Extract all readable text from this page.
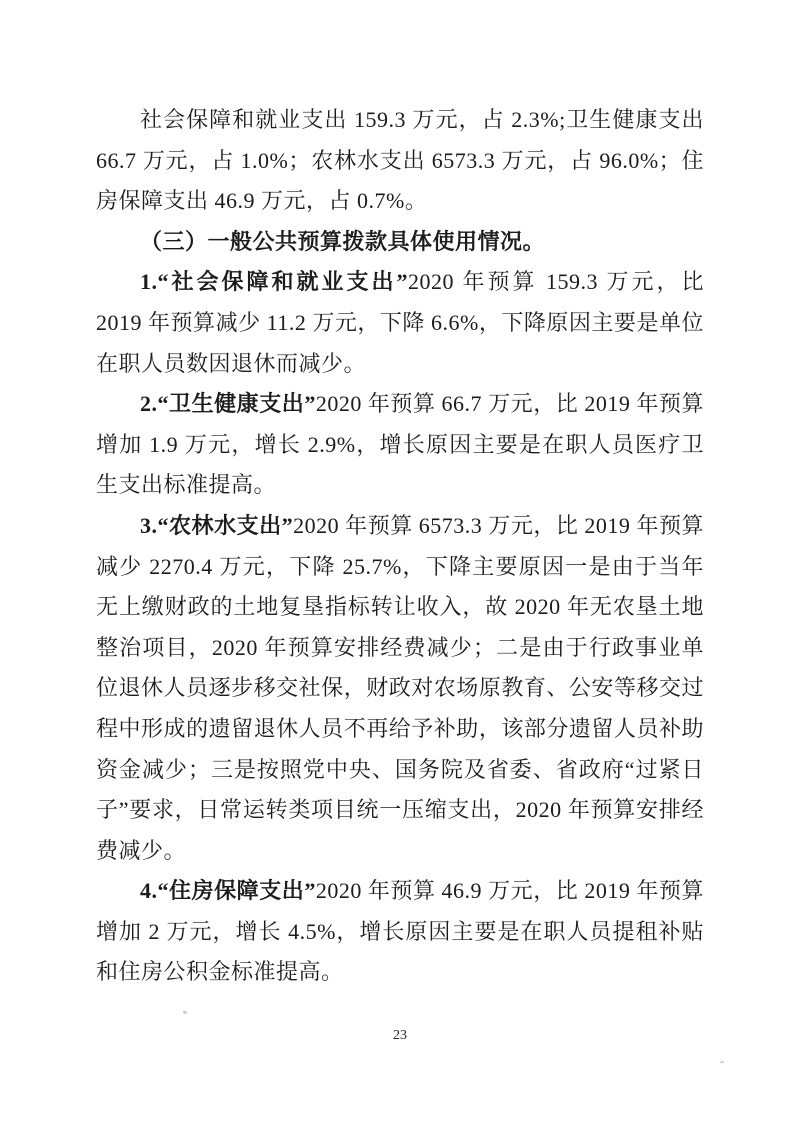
社会保障和就业支出 159.3 万元，占 2.3%;卫生健康支出 66.7 万元，占 1.0%；农林水支出 6573.3 万元，占 96.0%；住房保障支出 46.9 万元，占 0.7%。

（三）一般公共预算拨款具体使用情况。

1.“社会保障和就业支出”2020 年预算 159.3 万元，比 2019 年预算减少 11.2 万元，下降 6.6%，下降原因主要是单位在职人员数因退休而减少。

2.“卫生健康支出”2020 年预算 66.7 万元，比 2019 年预算增加 1.9 万元，增长 2.9%，增长原因主要是在职人员医疗卫生支出标准提高。

3.“农林水支出”2020 年预算 6573.3 万元，比 2019 年预算减少 2270.4 万元，下降 25.7%，下降主要原因一是由于当年无上缴财政的土地复垦指标转让收入，故 2020 年无农垦土地整治项目，2020 年预算安排经费减少；二是由于行政事业单位退休人员逐步移交社保，财政对农场原教育、公安等移交过程中形成的遗留退休人员不再给予补助，该部分遗留人员补助资金减少；三是按照党中央、国务院及省委、省政府“过紧日子”要求，日常运转类项目统一压缩支出，2020 年预算安排经费减少。

4.“住房保障支出”2020 年预算 46.9 万元，比 2019 年预算增加 2 万元，增长 4.5%，增长原因主要是在职人员提租补贴和住房公积金标准提高。

23
